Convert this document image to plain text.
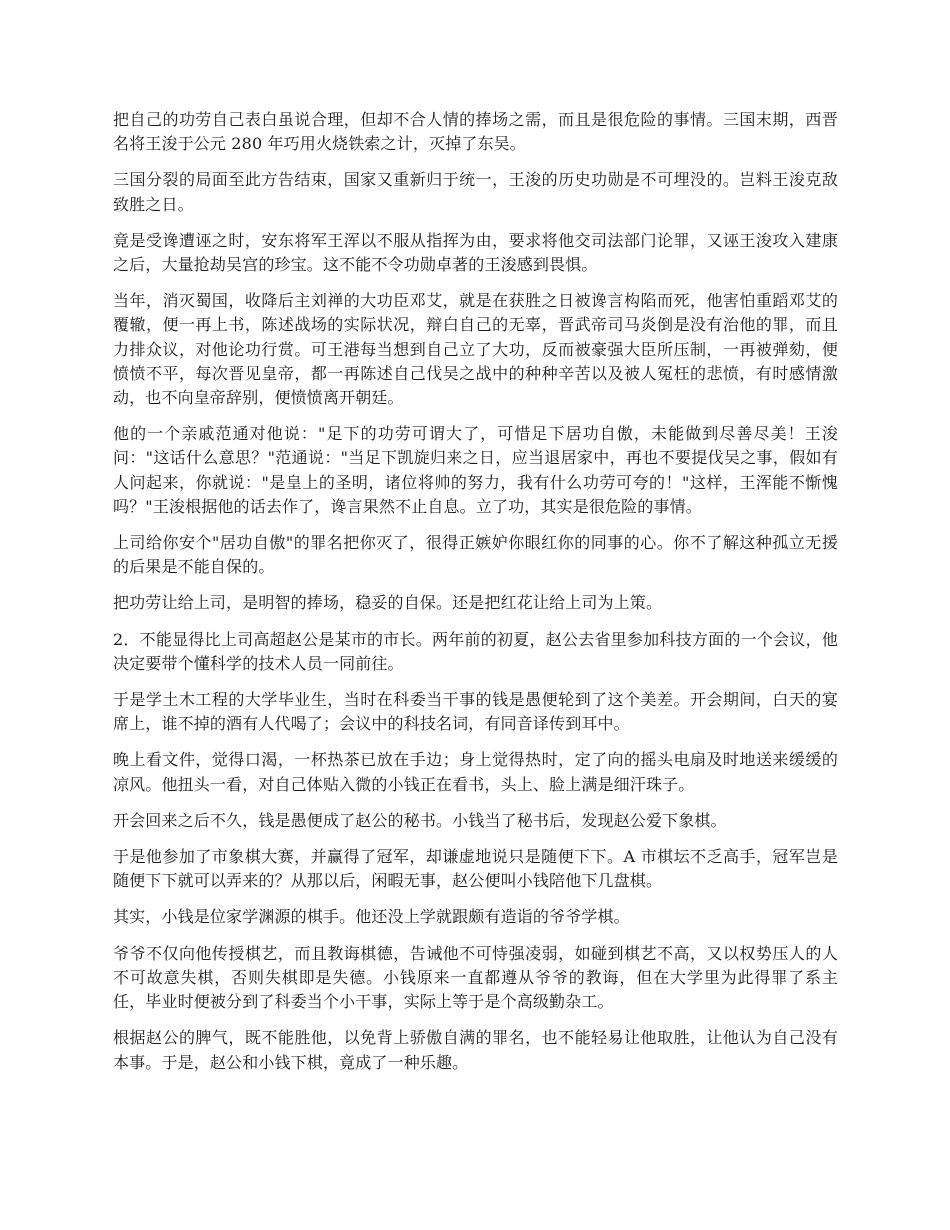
把自己的功劳自己表白虽说合理，但却不合人情的捧场之需，而且是很危险的事情。三国末期，西晋名将王浚于公元 280 年巧用火烧铁索之计，灭掉了东吴。

三国分裂的局面至此方告结束，国家又重新归于统一，王浚的历史功勋是不可埋没的。岂料王浚克敌致胜之日。

竟是受谗遭诬之时，安东将军王浑以不服从指挥为由，要求将他交司法部门论罪，又诬王浚攻入建康之后，大量抢劫吴宫的珍宝。这不能不令功勋卓著的王浚感到畏惧。

当年，消灭蜀国，收降后主刘禅的大功臣邓艾，就是在获胜之日被谗言构陷而死，他害怕重蹈邓艾的覆辙，便一再上书，陈述战场的实际状况，辩白自己的无辜，晋武帝司马炎倒是没有治他的罪，而且力排众议，对他论功行赏。可王港每当想到自己立了大功，反而被豪强大臣所压制，一再被弹劾，便愤愤不平，每次晋见皇帝，都一再陈述自己伐吴之战中的种种辛苦以及被人冤枉的悲愤，有时感情激动，也不向皇帝辞别，便愤愤离开朝廷。

他的一个亲戚范通对他说："足下的功劳可谓大了，可惜足下居功自傲，未能做到尽善尽美！王浚问："这话什么意思？"范通说："当足下凯旋归来之日，应当退居家中，再也不要提伐吴之事，假如有人问起来，你就说："是皇上的圣明，诸位将帅的努力，我有什么功劳可夸的！"这样，王浑能不惭愧吗？"王浚根据他的话去作了，谗言果然不止自息。立了功，其实是很危险的事情。

上司给你安个"居功自傲"的罪名把你灭了，很得正嫉妒你眼红你的同事的心。你不了解这种孤立无援的后果是不能自保的。

把功劳让给上司，是明智的捧场，稳妥的自保。还是把红花让给上司为上策。

2．不能显得比上司高超赵公是某市的市长。两年前的初夏，赵公去省里参加科技方面的一个会议，他决定要带个懂科学的技术人员一同前往。

于是学土木工程的大学毕业生，当时在科委当干事的钱是愚便轮到了这个美差。开会期间，白天的宴席上，谁不掉的酒有人代喝了；会议中的科技名词，有同音译传到耳中。

晚上看文件，觉得口渴，一杯热茶已放在手边；身上觉得热时，定了向的摇头电扇及时地送来缓缓的凉风。他扭头一看，对自己体贴入微的小钱正在看书，头上、脸上满是细汗珠子。

开会回来之后不久，钱是愚便成了赵公的秘书。小钱当了秘书后，发现赵公爱下象棋。

于是他参加了市象棋大赛，并赢得了冠军，却谦虚地说只是随便下下。A 市棋坛不乏高手，冠军岂是随便下下就可以弄来的？从那以后，闲暇无事，赵公便叫小钱陪他下几盘棋。

其实，小钱是位家学渊源的棋手。他还没上学就跟颇有造诣的爷爷学棋。

爷爷不仅向他传授棋艺，而且教诲棋德，告诫他不可恃强凌弱，如碰到棋艺不高，又以权势压人的人不可故意失棋，否则失棋即是失德。小钱原来一直都遵从爷爷的教诲，但在大学里为此得罪了系主任，毕业时便被分到了科委当个小干事，实际上等于是个高级勤杂工。

根据赵公的脾气，既不能胜他，以免背上骄傲自满的罪名，也不能轻易让他取胜，让他认为自己没有本事。于是，赵公和小钱下棋，竟成了一种乐趣。
